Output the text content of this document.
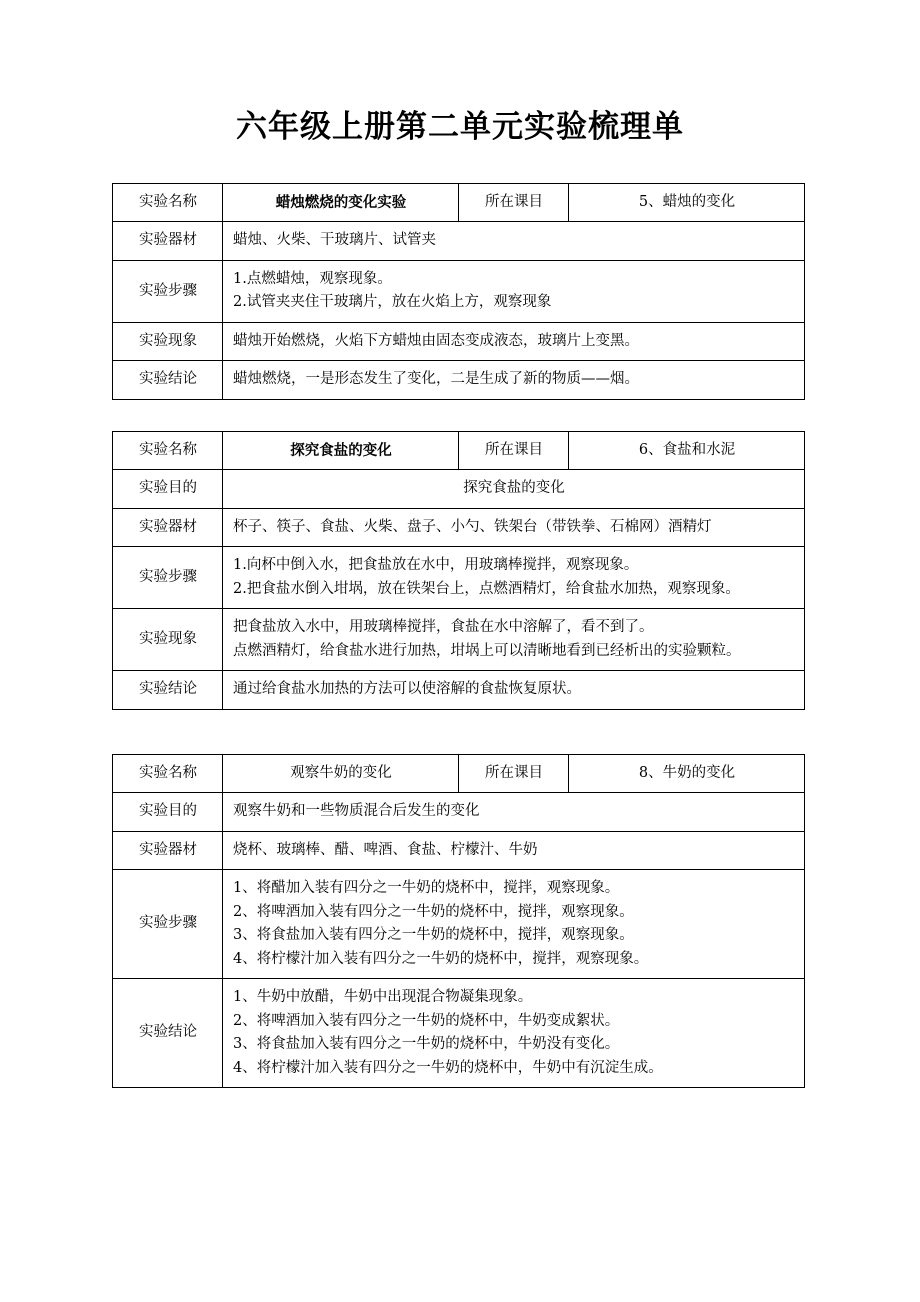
六年级上册第二单元实验梳理单
实验名称	蜡烛燃烧的变化实验	所在课目	5、蜡烛的变化
实验器材	蜡烛、火柴、干玻璃片、试管夹		
实验步骤	1.点燃蜡烛，观察现象。

2.试管夹夹住干玻璃片，放在火焰上方，观察现象		

实验现象	蜡烛开始燃烧，火焰下方蜡烛由固态变成液态，玻璃片上变黑。		

实验结论	蜡烛燃烧，一是形态发生了变化，二是生成了新的物质——烟。		

实验名称	探究食盐的变化	所在课目	6、食盐和水泥
实验目的	探究食盐的变化		
实验器材	杯子、筷子、食盐、火柴、盘子、小勺、铁架台（带铁拳、石棉网）酒精灯		
实验步骤	1.向杯中倒入水，把食盐放在水中，用玻璃棒搅拌，观察现象。

2.把食盐水倒入坩埚，放在铁架台上，点燃酒精灯，给食盐水加热，观察现象。		

实验现象	把食盐放入水中，用玻璃棒搅拌，食盐在水中溶解了，看不到了。

点燃酒精灯，给食盐水进行加热，坩埚上可以清晰地看到已经析出的实验颗粒。		

实验结论	通过给食盐水加热的方法可以使溶解的食盐恢复原状。		

实验名称	观察牛奶的变化	所在课目	8、牛奶的变化
实验目的	观察牛奶和一些物质混合后发生的变化		
实验器材	烧杯、玻璃棒、醋、啤酒、食盐、柠檬汁、牛奶		
实验步骤	1、将醋加入装有四分之一牛奶的烧杯中，搅拌，观察现象。

2、将啤酒加入装有四分之一牛奶的烧杯中，搅拌，观察现象。

3、将食盐加入装有四分之一牛奶的烧杯中，搅拌，观察现象。

4、将柠檬汁加入装有四分之一牛奶的烧杯中，搅拌，观察现象。		

实验结论	1、牛奶中放醋，牛奶中出现混合物凝集现象。

2、将啤酒加入装有四分之一牛奶的烧杯中，牛奶变成絮状。

3、将食盐加入装有四分之一牛奶的烧杯中，牛奶没有变化。

4、将柠檬汁加入装有四分之一牛奶的烧杯中，牛奶中有沉淀生成。		
